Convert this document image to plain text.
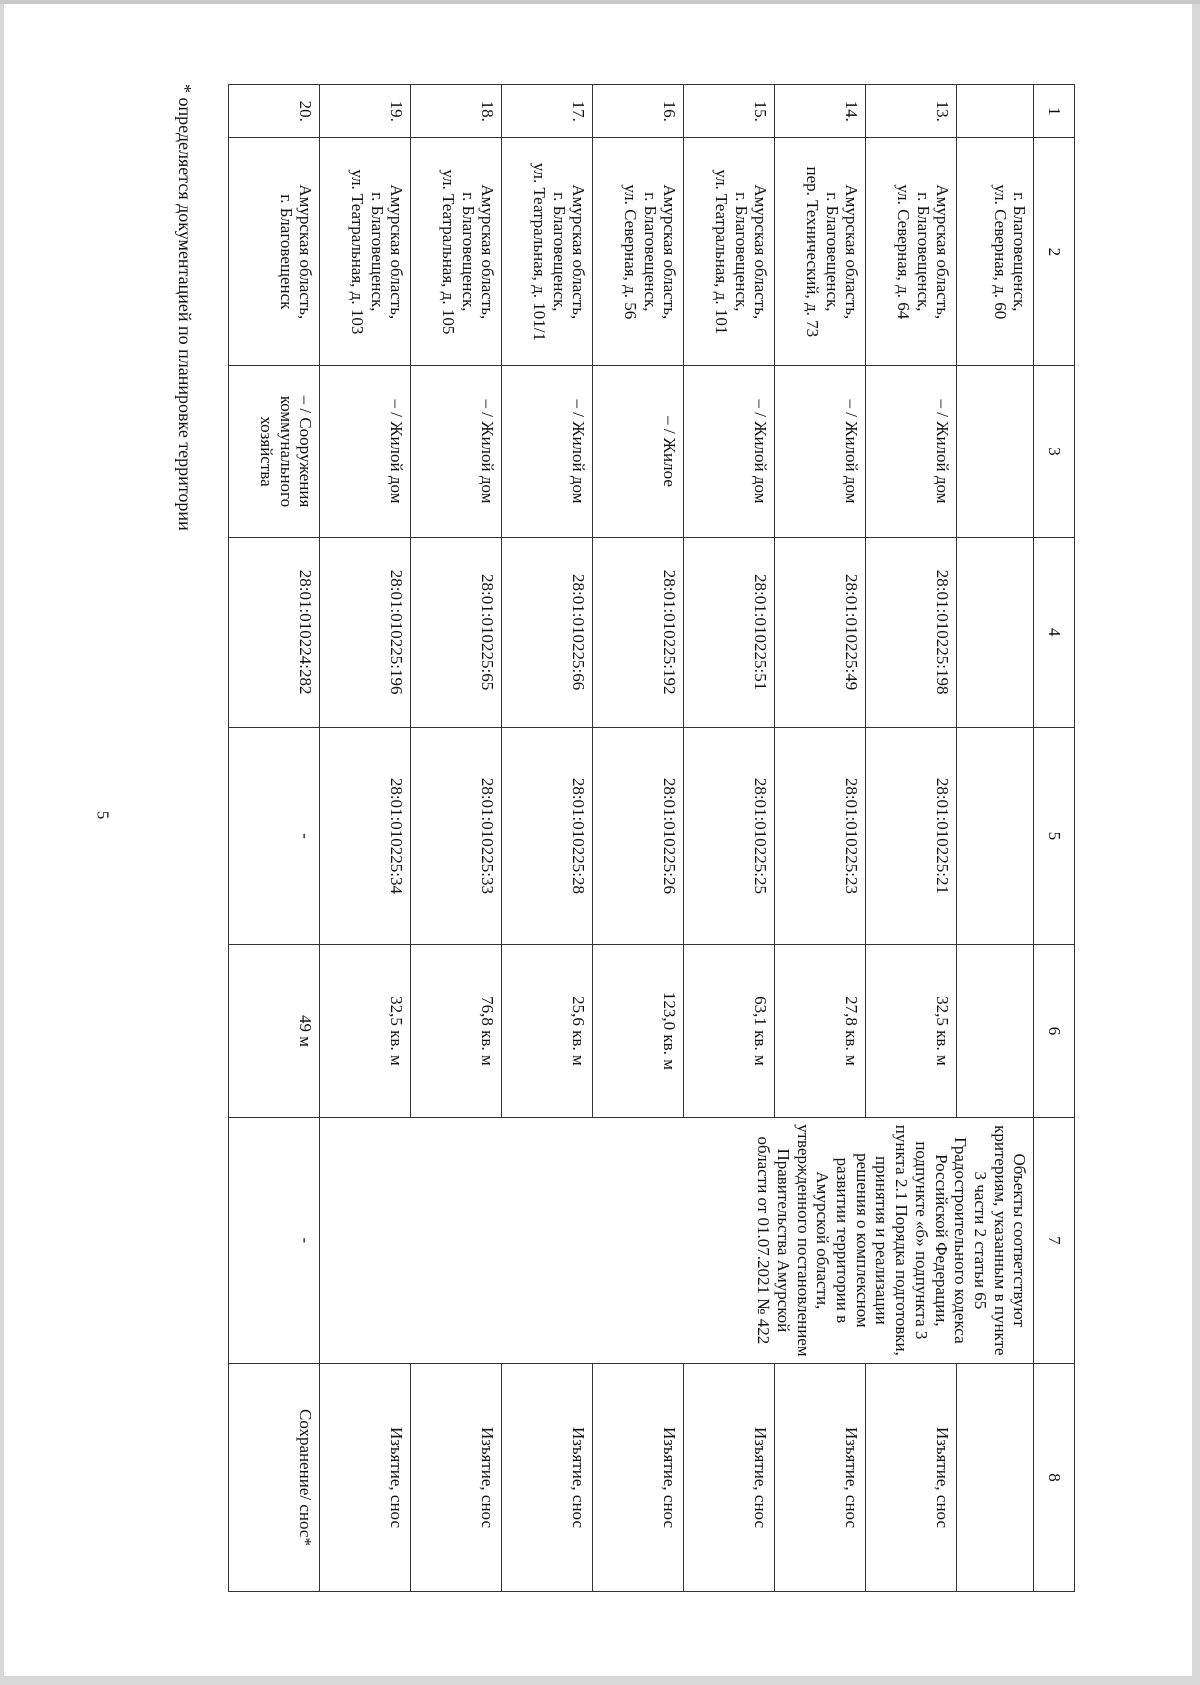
5
1	2	3	4	5	6	7	8
	г. Благовещенск,
ул. Северная, д. 60					Объекты соответствуют критериям, указанным в пункте 3 части 2 статьи 65 Градостроительного кодекса Российской Федерации, подпункте «б» подпункта 3 пункта 2.1 Порядка подготовки, принятия и реализации решения о комплексном развитии территории в Амурской области, утвержденного постановлением Правительства Амурской области от 01.07.2021 № 422	
13.	Амурская область,
г. Благовещенск,
ул. Северная, д. 64	– / Жилой дом	28:01:010225:198	28:01:010225:21	32,5 кв. м		Изъятие, снос
14.	Амурская область,
г. Благовещенск,
пер. Технический, д. 73	– / Жилой дом	28:01:010225:49	28:01:010225:23	27,8 кв. м		Изъятие, снос
15.	Амурская область,
г. Благовещенск,
ул. Театральная, д. 101	– / Жилой дом	28:01:010225:51	28:01:010225:25	63,1 кв. м		Изъятие, снос
16.	Амурская область,
г. Благовещенск,
ул. Северная, д. 56	– / Жилое	28:01:010225:192	28:01:010225:26	123,0 кв. м		Изъятие, снос
17.	Амурская область,
г. Благовещенск,
ул. Театральная, д. 101/1	– / Жилой дом	28:01:010225:66	28:01:010225:28	25,6 кв. м		Изъятие, снос
18.	Амурская область,
г. Благовещенск,
ул. Театральная, д. 105	– / Жилой дом	28:01:010225:65	28:01:010225:33	76,8 кв. м		Изъятие, снос
19.	Амурская область,
г. Благовещенск,
ул. Театральная, д. 103	– / Жилой дом	28:01:010225:196	28:01:010225:34	32,5 кв. м		Изъятие, снос
20.	Амурская область,
г. Благовещенск	– / Сооружения коммунального хозяйства	28:01:010224:282	-	49 м	-	Сохранение/ снос*
* определяется документацией по планировке территории
